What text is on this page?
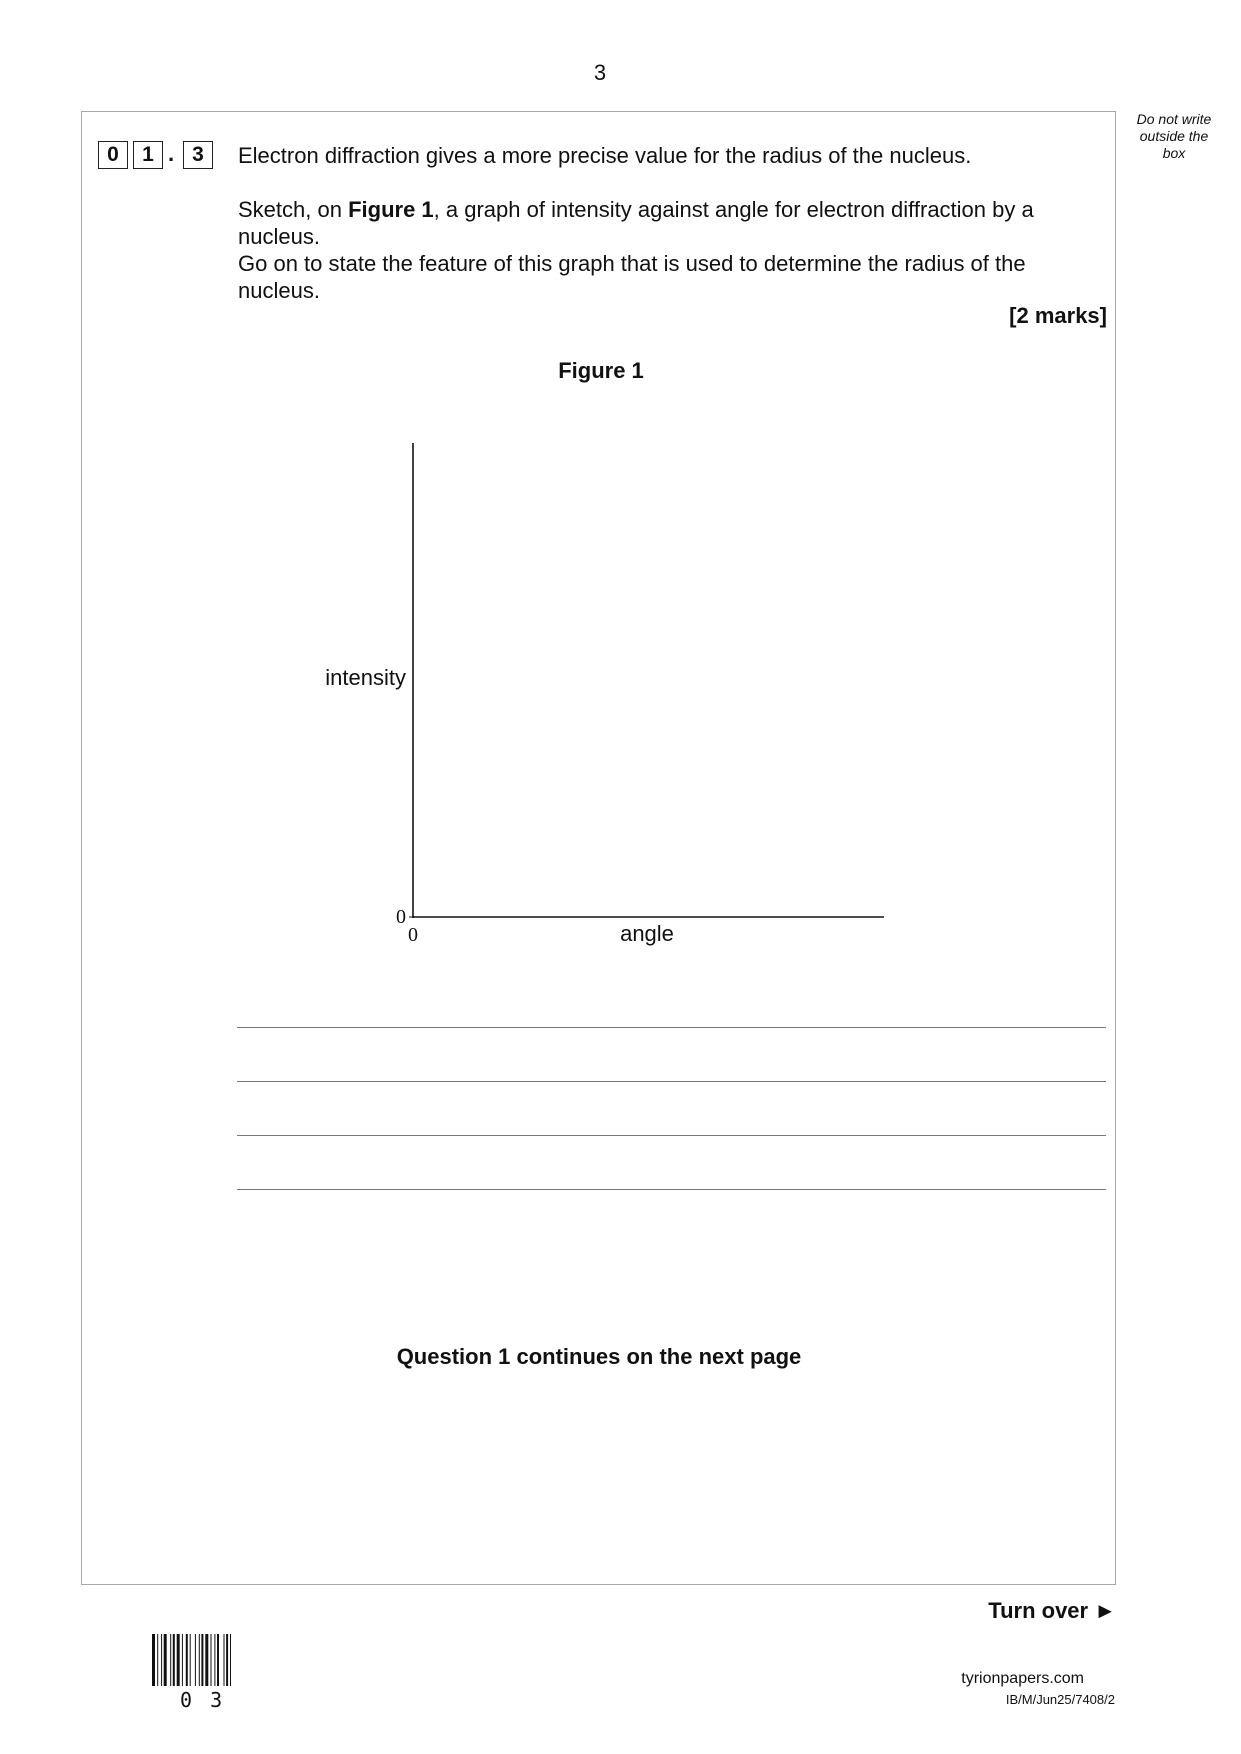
3
Do not write
outside the
box
0	1 . 3	Electron diffraction gives a more precise value for the radius of the nucleus.
Sketch, on Figure 1, a graph of intensity against angle for electron diffraction by a nucleus.
Go on to state the feature of this graph that is used to determine the radius of the nucleus.
[2 marks]
Figure 1
intensity
angle
0
0
Question 1 continues on the next page
Turn over ►
0 3
tyrionpapers.com
IB/M/Jun25/7408/2
